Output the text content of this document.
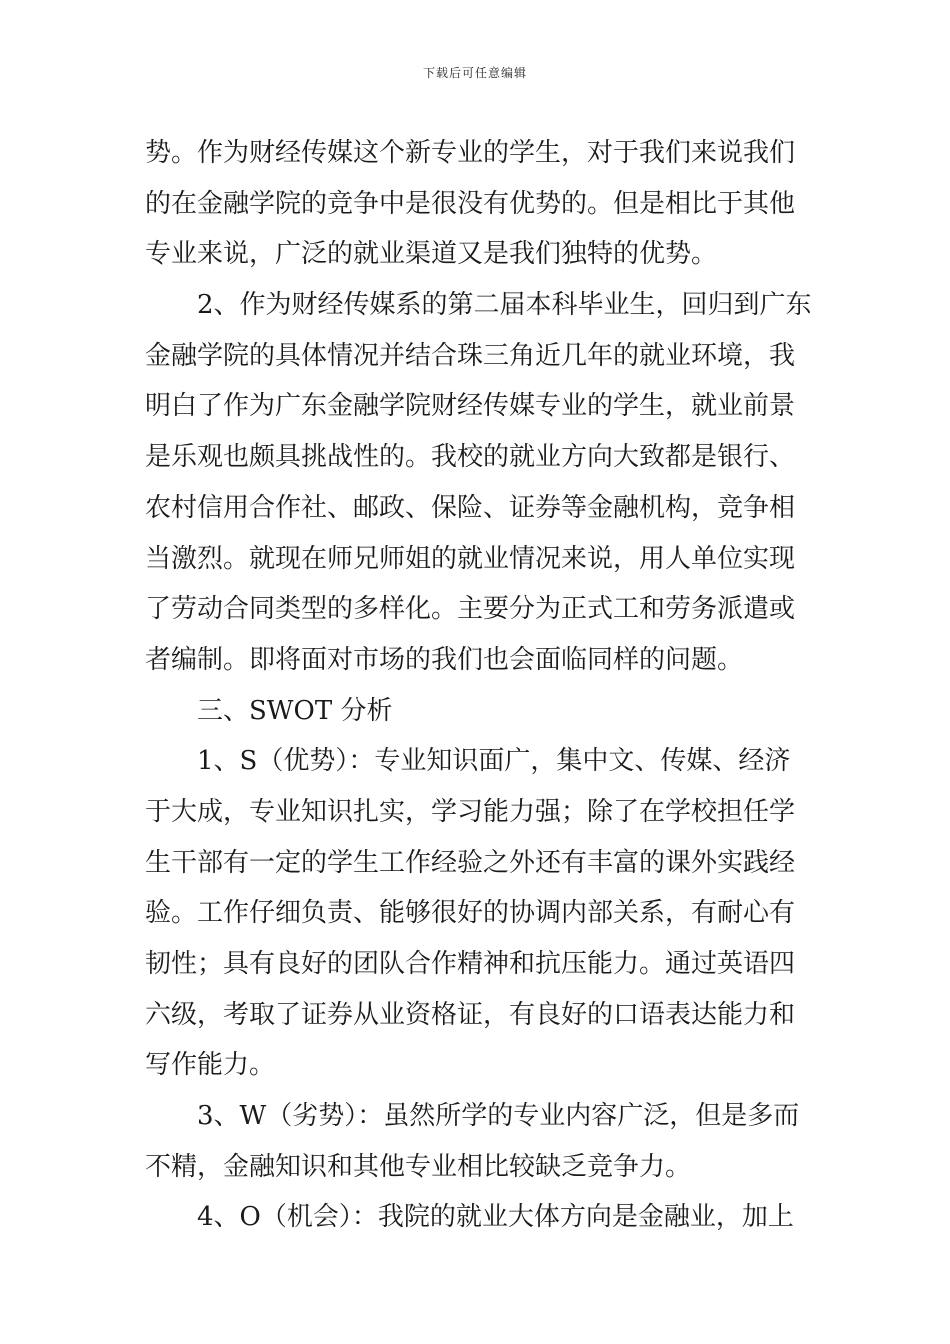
下载后可任意编辑
势。作为财经传媒这个新专业的学生，对于我们来说我们
的在金融学院的竞争中是很没有优势的。但是相比于其他
专业来说，广泛的就业渠道又是我们独特的优势。
2、作为财经传媒系的第二届本科毕业生，回归到广东
金融学院的具体情况并结合珠三角近几年的就业环境，我
明白了作为广东金融学院财经传媒专业的学生，就业前景
是乐观也颇具挑战性的。我校的就业方向大致都是银行、
农村信用合作社、邮政、保险、证券等金融机构，竞争相
当激烈。就现在师兄师姐的就业情况来说，用人单位实现
了劳动合同类型的多样化。主要分为正式工和劳务派遣或
者编制。即将面对市场的我们也会面临同样的问题。
三、SWOT 分析
1、S（优势）：专业知识面广，集中文、传媒、经济
于大成，专业知识扎实，学习能力强；除了在学校担任学
生干部有一定的学生工作经验之外还有丰富的课外实践经
验。工作仔细负责、能够很好的协调内部关系，有耐心有
韧性；具有良好的团队合作精神和抗压能力。通过英语四
六级，考取了证券从业资格证，有良好的口语表达能力和
写作能力。
3、W（劣势）：虽然所学的专业内容广泛，但是多而
不精，金融知识和其他专业相比较缺乏竞争力。
4、O（机会）：我院的就业大体方向是金融业，加上
